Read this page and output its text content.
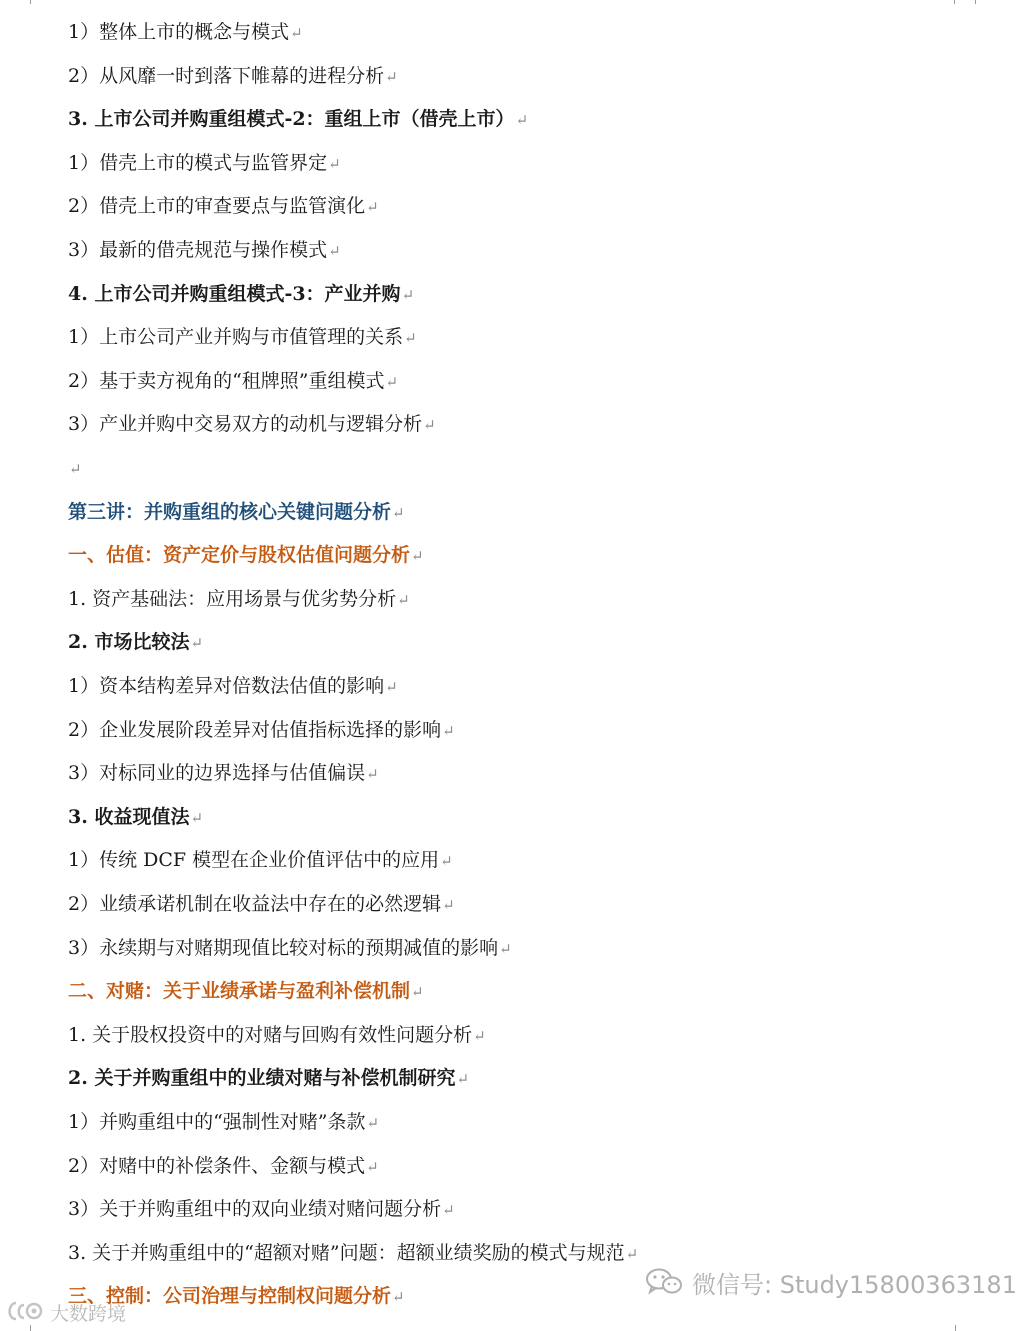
1）整体上市的概念与模式↵
2）从风靡一时到落下帷幕的进程分析↵
3. 上市公司并购重组模式-2：重组上市（借壳上市）↵
1）借壳上市的模式与监管界定↵
2）借壳上市的审查要点与监管演化↵
3）最新的借壳规范与操作模式↵
4. 上市公司并购重组模式-3：产业并购↵
1）上市公司产业并购与市值管理的关系↵
2）基于卖方视角的“租牌照”重组模式↵
3）产业并购中交易双方的动机与逻辑分析↵
↵
第三讲：并购重组的核心关键问题分析↵
一、估值：资产定价与股权估值问题分析↵
1. 资产基础法：应用场景与优劣势分析↵
2. 市场比较法↵
1）资本结构差异对倍数法估值的影响↵
2）企业发展阶段差异对估值指标选择的影响↵
3）对标同业的边界选择与估值偏误↵
3. 收益现值法↵
1）传统 DCF 模型在企业价值评估中的应用↵
2）业绩承诺机制在收益法中存在的必然逻辑↵
3）永续期与对赌期现值比较对标的预期减值的影响↵
二、对赌：关于业绩承诺与盈利补偿机制↵
1. 关于股权投资中的对赌与回购有效性问题分析↵
2. 关于并购重组中的业绩对赌与补偿机制研究↵
1）并购重组中的“强制性对赌”条款↵
2）对赌中的补偿条件、金额与模式↵
3）关于并购重组中的双向业绩对赌问题分析↵
3. 关于并购重组中的“超额对赌”问题：超额业绩奖励的模式与规范↵
三、控制：公司治理与控制权问题分析↵	微信号: Study15800363181
大数跨境
